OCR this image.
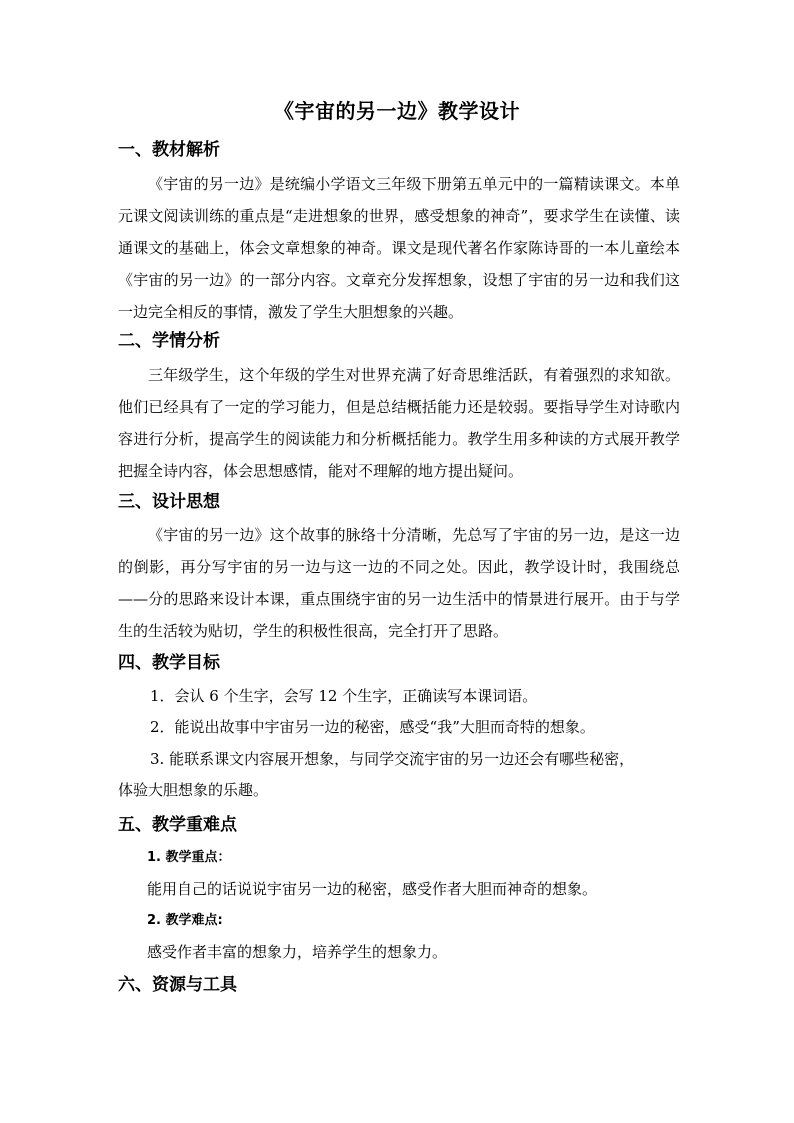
《宇宙的另一边》教学设计
一、教材解析
《宇宙的另一边》是统编小学语文三年级下册第五单元中的一篇精读课文。本单元课文阅读训练的重点是“走进想象的世界，感受想象的神奇”，要求学生在读懂、读通课文的基础上，体会文章想象的神奇。课文是现代著名作家陈诗哥的一本儿童绘本《宇宙的另一边》的一部分内容。文章充分发挥想象，设想了宇宙的另一边和我们这一边完全相反的事情，激发了学生大胆想象的兴趣。
二、学情分析
三年级学生，这个年级的学生对世界充满了好奇思维活跃，有着强烈的求知欲。他们已经具有了一定的学习能力，但是总结概括能力还是较弱。要指导学生对诗歌内容进行分析，提高学生的阅读能力和分析概括能力。教学生用多种读的方式展开教学把握全诗内容，体会思想感情，能对不理解的地方提出疑问。
三、设计思想
《宇宙的另一边》这个故事的脉络十分清晰，先总写了宇宙的另一边，是这一边的倒影，再分写宇宙的另一边与这一边的不同之处。因此，教学设计时，我围绕总——分的思路来设计本课，重点围绕宇宙的另一边生活中的情景进行展开。由于与学生的生活较为贴切，学生的积极性很高，完全打开了思路。
四、教学目标
1．会认 6 个生字，会写 12 个生字，正确读写本课词语。
2．能说出故事中宇宙另一边的秘密，感受“我”大胆而奇特的想象。
3. 能联系课文内容展开想象，与同学交流宇宙的另一边还会有哪些秘密，
体验大胆想象的乐趣。
五、教学重难点
1. 教学重点：
能用自己的话说说宇宙另一边的秘密，感受作者大胆而神奇的想象。
2. 教学难点:
感受作者丰富的想象力，培养学生的想象力。
六、资源与工具
